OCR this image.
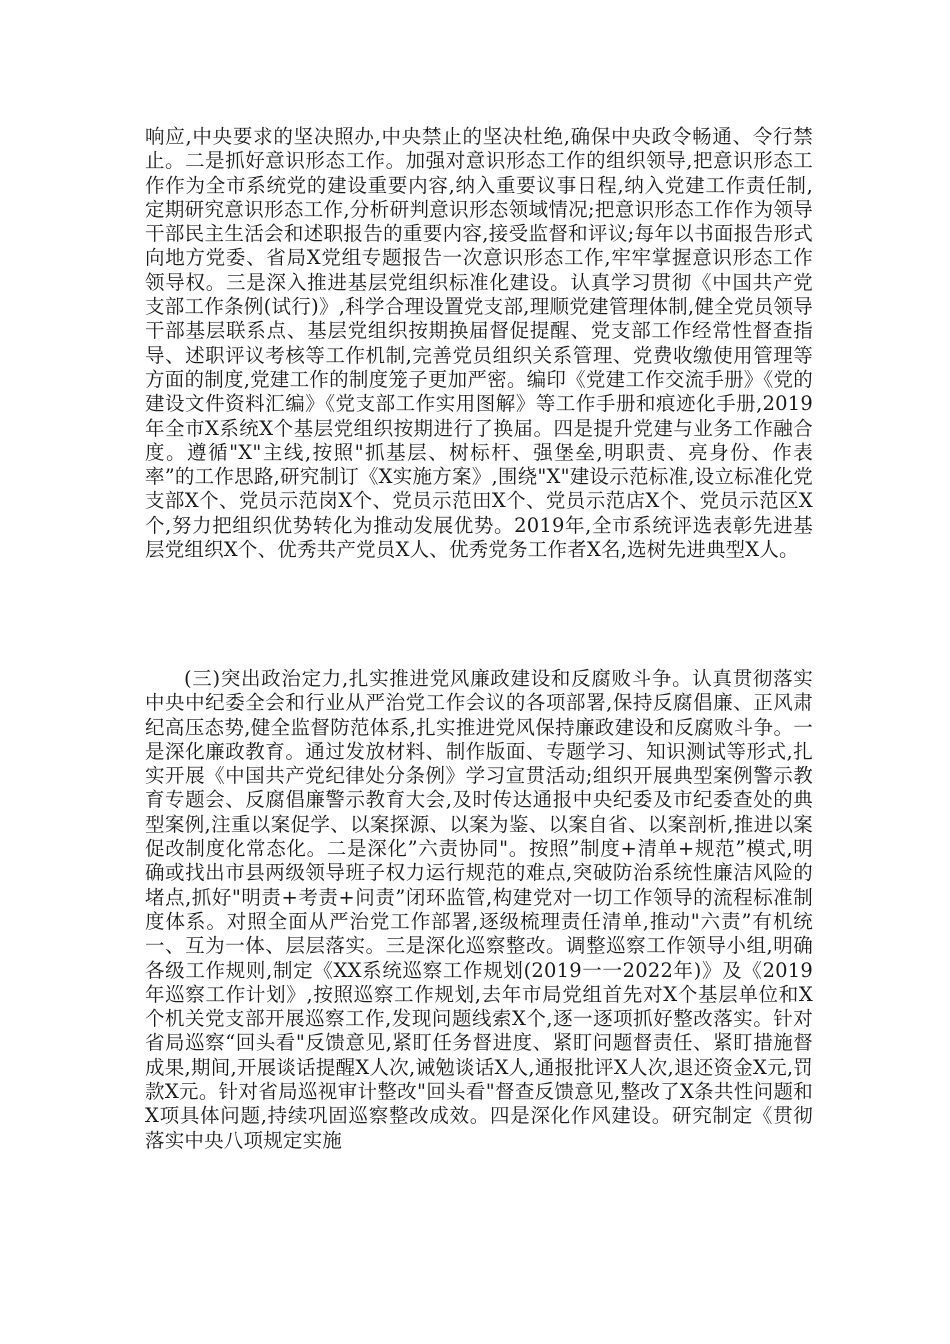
响应,中央要求的坚决照办,中央禁止的坚决杜绝,确保中央政令畅通、令行禁止。二是抓好意识形态工作。加强对意识形态工作的组织领导,把意识形态工作作为全市系统党的建设重要内容,纳入重要议事日程,纳入党建工作责任制,定期研究意识形态工作,分析研判意识形态领域情况;把意识形态工作作为领导干部民主生活会和述职报告的重要内容,接受监督和评议;每年以书面报告形式向地方党委、省局X党组专题报告一次意识形态工作,牢牢掌握意识形态工作领导权。三是深入推进基层党组织标准化建设。认真学习贯彻《中国共产党支部工作条例(试行)》,科学合理设置党支部,理顺党建管理体制,健全党员领导干部基层联系点、基层党组织按期换届督促提醒、党支部工作经常性督查指导、述职评议考核等工作机制,完善党员组织关系管理、党费收缴使用管理等方面的制度,党建工作的制度笼子更加严密。编印《党建工作交流手册》《党的建设文件资料汇编》《党支部工作实用图解》等工作手册和痕迹化手册,2019年全市X系统X个基层党组织按期进行了换届。四是提升党建与业务工作融合度。遵循"X"主线,按照"抓基层、树标杆、强堡垒,明职责、亮身份、作表率”的工作思路,研究制订《X实施方案》,围绕"X"建设示范标准,设立标准化党支部X个、党员示范岗X个、党员示范田X个、党员示范店X个、党员示范区X个,努力把组织优势转化为推动发展优势。2019年,全市系统评选表彰先进基层党组织X个、优秀共产党员X人、优秀党务工作者X名,选树先进典型X人。

(三)突出政治定力,扎实推进党风廉政建设和反腐败斗争。认真贯彻落实中央中纪委全会和行业从严治党工作会议的各项部署,保持反腐倡廉、正风肃纪高压态势,健全监督防范体系,扎实推进党风保持廉政建设和反腐败斗争。一是深化廉政教育。通过发放材料、制作版面、专题学习、知识测试等形式,扎实开展《中国共产党纪律处分条例》学习宣贯活动;组织开展典型案例警示教育专题会、反腐倡廉警示教育大会,及时传达通报中央纪委及市纪委查处的典型案例,注重以案促学、以案探源、以案为鉴、以案自省、以案剖析,推进以案促改制度化常态化。二是深化”六责协同"。按照”制度+清单+规范”模式,明确或找出市县两级领导班子权力运行规范的难点,突破防治系统性廉洁风险的堵点,抓好"明责+考责+问责”闭环监管,构建党对一切工作领导的流程标准制度体系。对照全面从严治党工作部署,逐级梳理责任清单,推动"六责”有机统一、互为一体、层层落实。三是深化巡察整改。调整巡察工作领导小组,明确各级工作规则,制定《XX系统巡察工作规划(2019一一2022年)》及《2019年巡察工作计划》,按照巡察工作规划,去年市局党组首先对X个基层单位和X个机关党支部开展巡察工作,发现问题线索X个,逐一逐项抓好整改落实。针对省局巡察“回头看"反馈意见,紧盯任务督进度、紧盯问题督责任、紧盯措施督成果,期间,开展谈话提醒X人次,诫勉谈话X人,通报批评X人次,退还资金X元,罚款X元。针对省局巡视审计整改"回头看"督查反馈意见,整改了X条共性问题和X项具体问题,持续巩固巡察整改成效。四是深化作风建设。研究制定《贯彻落实中央八项规定实施
